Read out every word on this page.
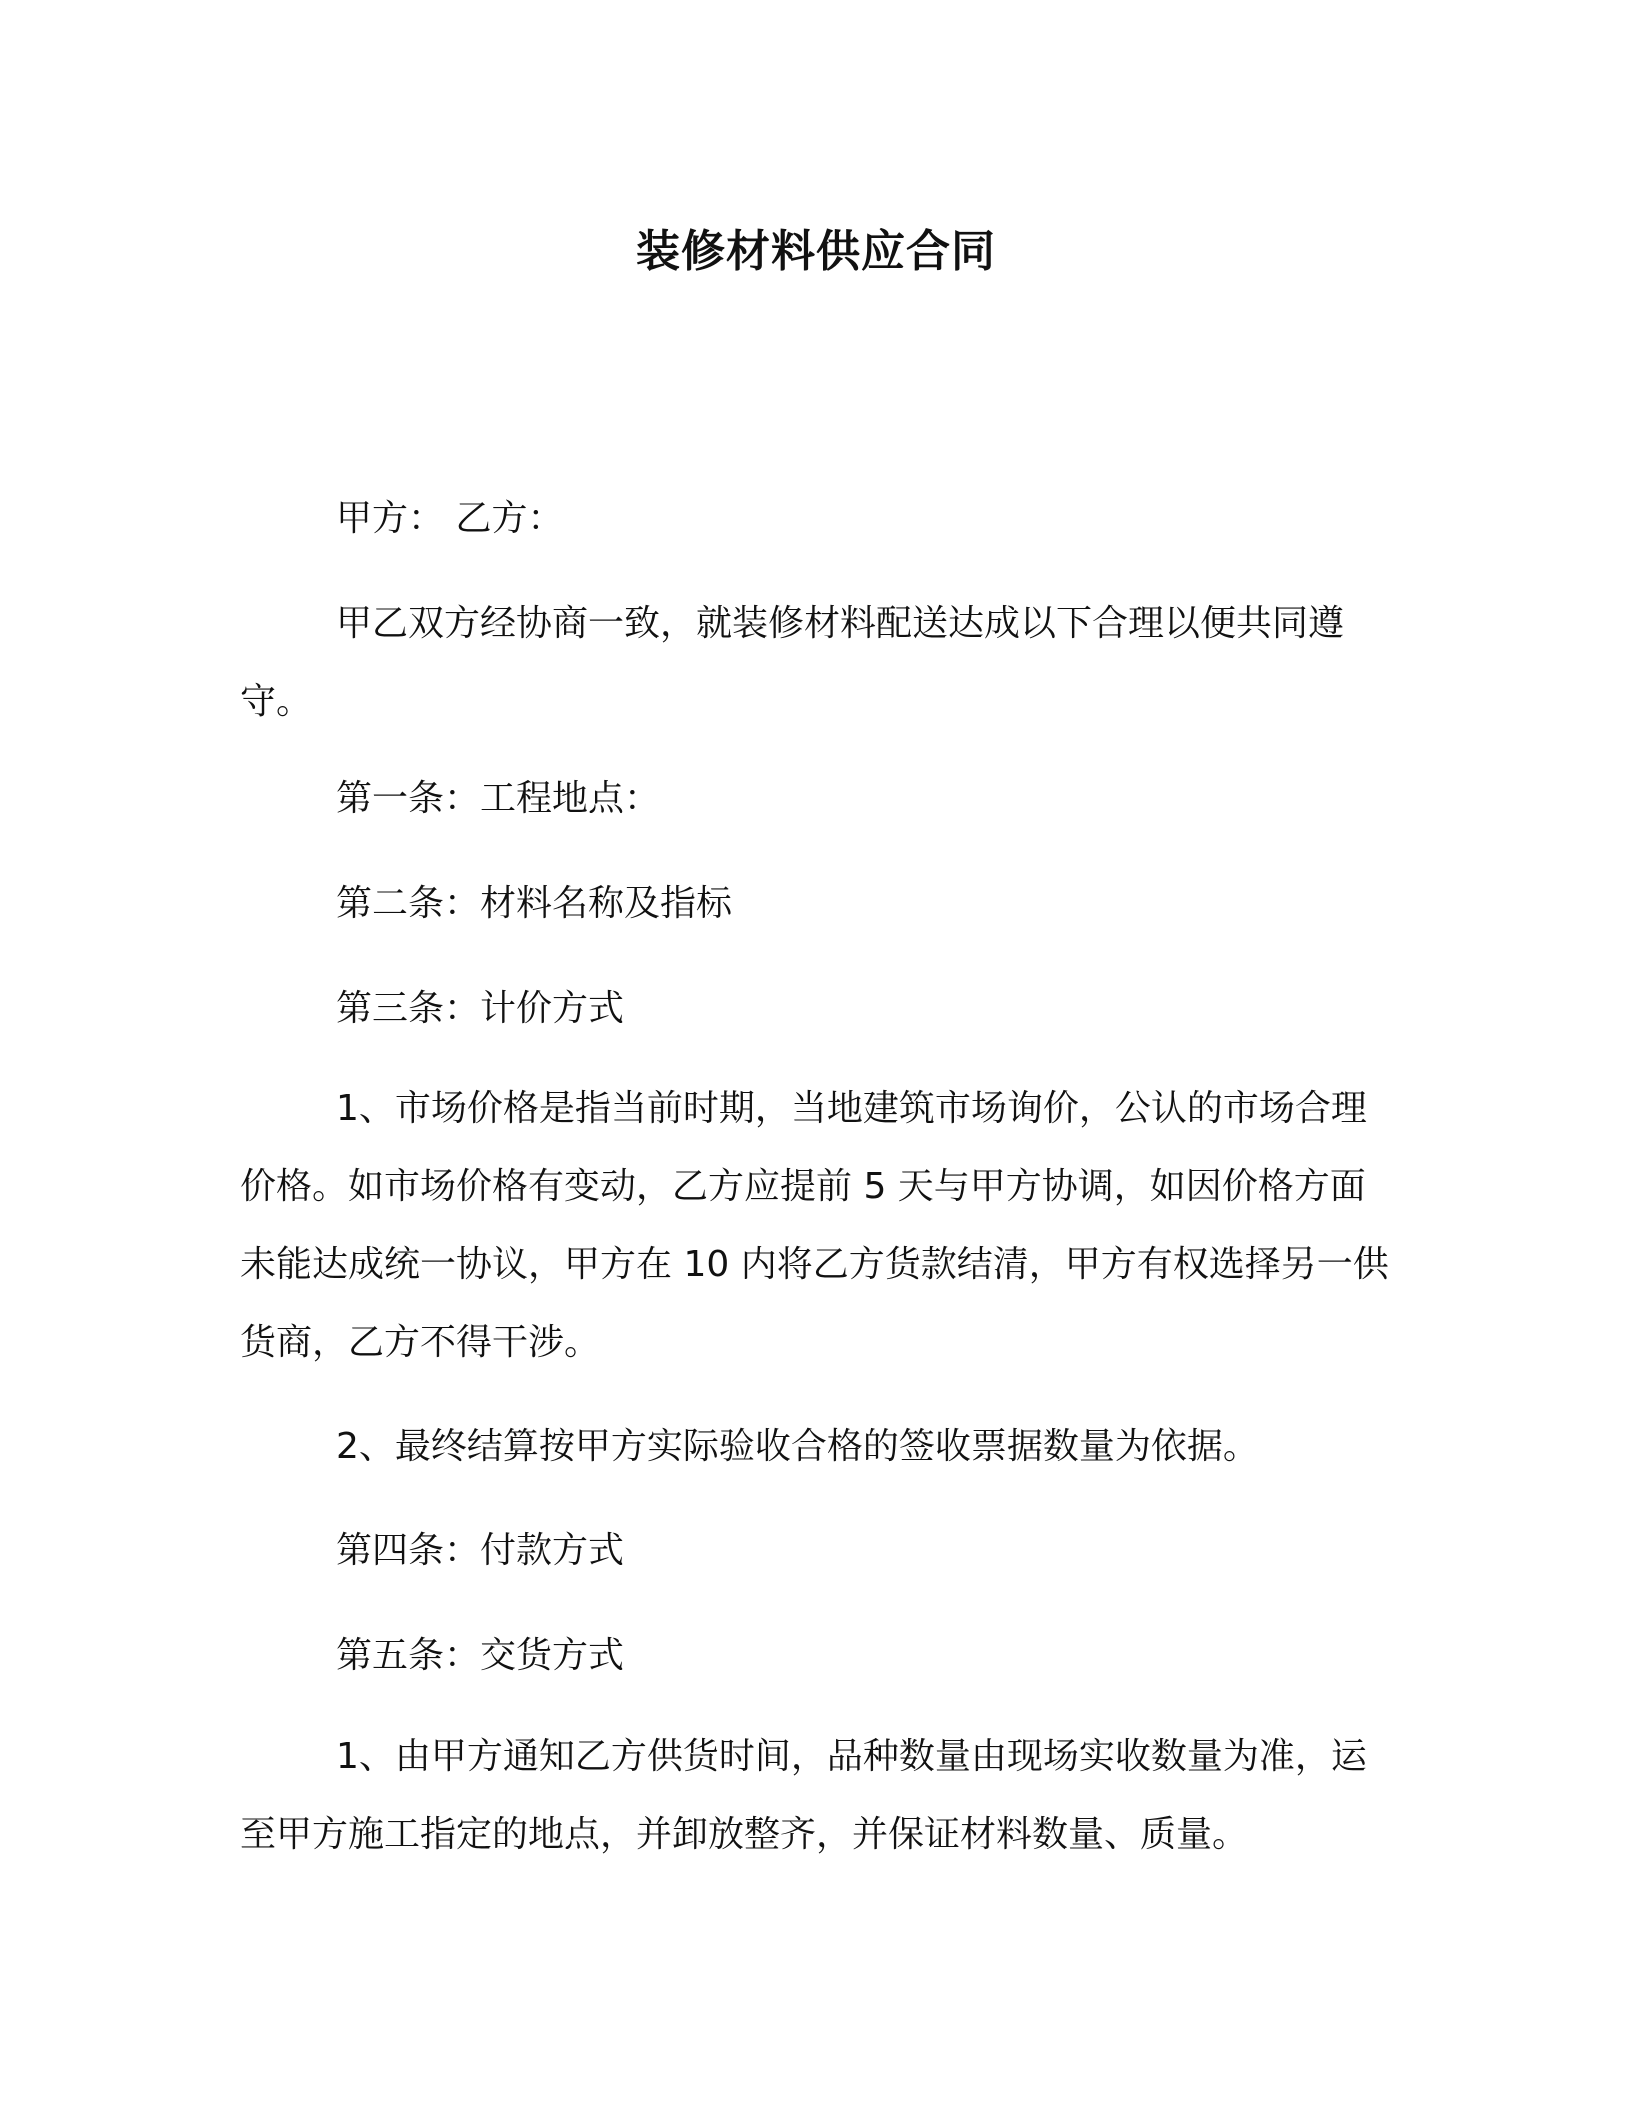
装修材料供应合同

甲方： 乙方：

甲乙双方经协商一致，就装修材料配送达成以下合理以便共同遵守。

第一条：工程地点：

第二条：材料名称及指标

第三条：计价方式

1、市场价格是指当前时期，当地建筑市场询价，公认的市场合理价格。如市场价格有变动，乙方应提前 5 天与甲方协调，如因价格方面未能达成统一协议，甲方在 10 内将乙方货款结清，甲方有权选择另一供货商，乙方不得干涉。

2、最终结算按甲方实际验收合格的签收票据数量为依据。

第四条：付款方式

第五条：交货方式

1、由甲方通知乙方供货时间，品种数量由现场实收数量为准，运至甲方施工指定的地点，并卸放整齐，并保证材料数量、质量。
